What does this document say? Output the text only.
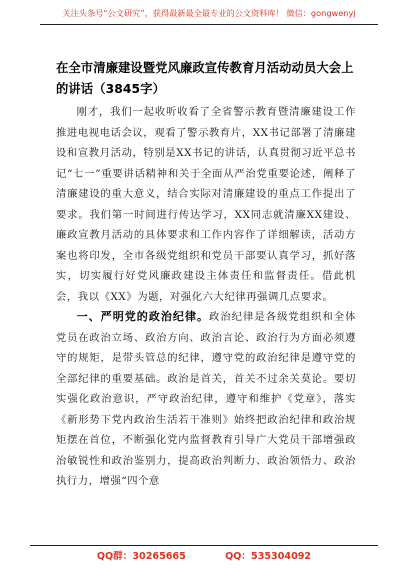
关注头条号“公文研究”，获得最新最全最专业的公文资料库！ 微信：gongwenyj
在全市清廉建设暨党风廉政宣传教育月活动动员大会上的讲话（3845字）

刚才，我们一起收听收看了全省警示教育暨清廉建设工作推进电视电话会议，观看了警示教育片，XX书记部署了清廉建设和宣教月活动，特别是XX书记的讲话，认真贯彻习近平总书记“七一”重要讲话精神和关于全面从严治党重要论述，阐释了清廉建设的重大意义，结合实际对清廉建设的重点工作提出了要求。我们第一时间进行传达学习，XX同志就清廉XX建设、廉政宣教月活动的具体要求和工作内容作了详细解读，活动方案也将印发，全市各级党组织和党员干部要认真学习，抓好落实，切实履行好党风廉政建设主体责任和监督责任。借此机会，我以《XX》为题，对强化六大纪律再强调几点要求。

一、严明党的政治纪律。政治纪律是各级党组织和全体党员在政治立场、政治方向、政治言论、政治行为方面必须遵守的规矩，是带头管总的纪律，遵守党的政治纪律是遵守党的全部纪律的重要基础。政治是首关，首关不过余关莫论。要切实强化政治意识，严守政治纪律，遵守和维护《党章》，落实《新形势下党内政治生活若干准则》始终把政治纪律和政治规矩摆在首位，不断强化党内监督教育引导广大党员干部增强政治敏锐性和政治鉴别力，提高政治判断力、政治领悟力、政治执行力，增强“四个意

QQ群：30265665	QQ：535304092
